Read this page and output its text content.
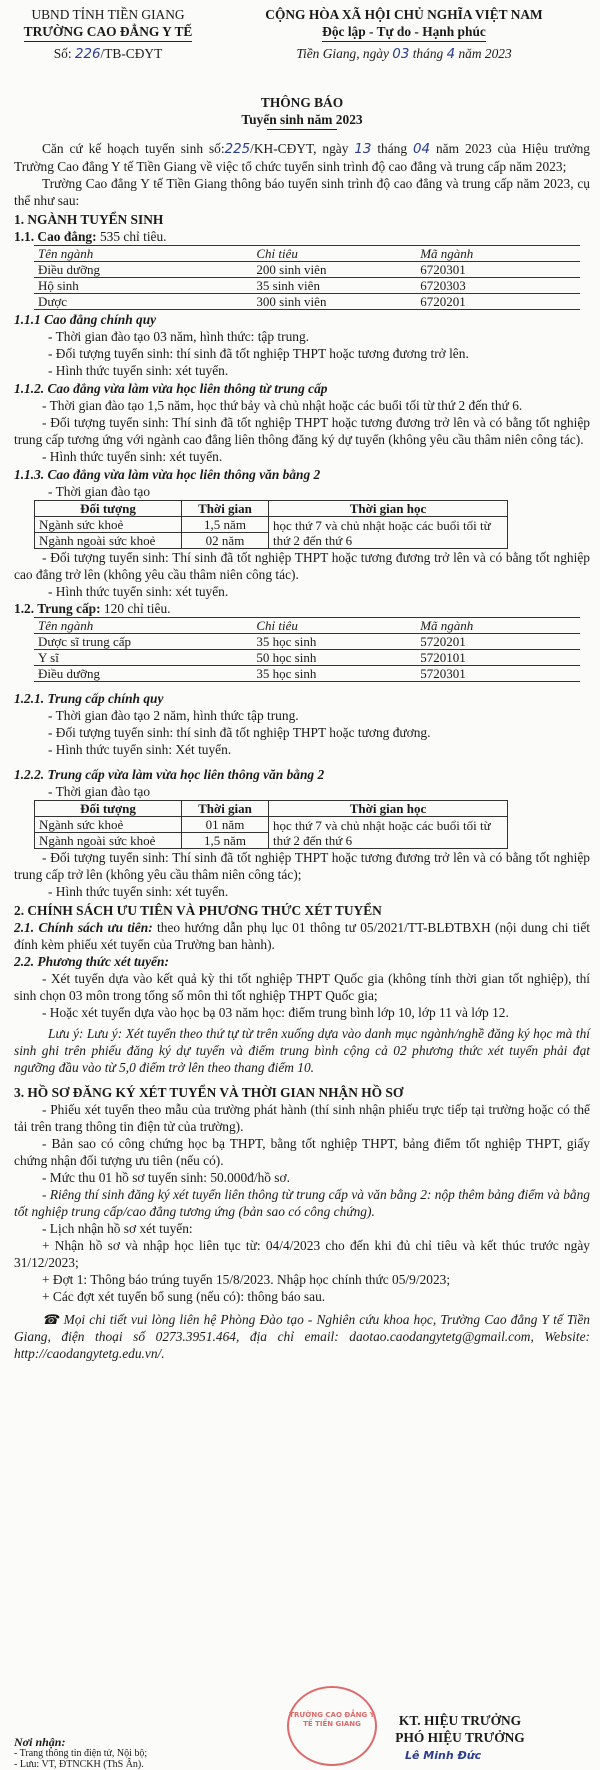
UBND TỈNH TIỀN GIANG
TRƯỜNG CAO ĐẲNG Y TẾ
Số: 226/TB-CĐYT
CỘNG HÒA XÃ HỘI CHỦ NGHĨA VIỆT NAM
Độc lập - Tự do - Hạnh phúc
Tiền Giang, ngày 03 tháng 4 năm 2023
THÔNG BÁO
Tuyển sinh năm 2023

Căn cứ kế hoạch tuyển sinh số:225/KH-CĐYT, ngày 13 tháng 04 năm 2023 của Hiệu trưởng Trường Cao đẳng Y tế Tiền Giang về việc tổ chức tuyển sinh trình độ cao đẳng và trung cấp năm 2023;

Trường Cao đẳng Y tế Tiền Giang thông báo tuyển sinh trình độ cao đẳng và trung cấp năm 2023, cụ thể như sau:

1. NGÀNH TUYỂN SINH

1.1. Cao đẳng: 535 chỉ tiêu.

Tên ngành	Chỉ tiêu	Mã ngành
Điều dưỡng	200 sinh viên	6720301
Hộ sinh	35 sinh viên	6720303
Dược	300 sinh viên	6720201
1.1.1 Cao đẳng chính quy

- Thời gian đào tạo 03 năm, hình thức: tập trung.

- Đối tượng tuyển sinh: thí sinh đã tốt nghiệp THPT hoặc tương đương trở lên.

- Hình thức tuyển sinh: xét tuyển.

1.1.2. Cao đẳng vừa làm vừa học liên thông từ trung cấp

- Thời gian đào tạo 1,5 năm, học thứ bảy và chủ nhật hoặc các buổi tối từ thứ 2 đến thứ 6.

- Đối tượng tuyển sinh: Thí sinh đã tốt nghiệp THPT hoặc tương đương trở lên và có bằng tốt nghiệp trung cấp tương ứng với ngành cao đẳng liên thông đăng ký dự tuyển (không yêu cầu thâm niên công tác).

- Hình thức tuyển sinh: xét tuyển.

1.1.3. Cao đẳng vừa làm vừa học liên thông văn bằng 2

- Thời gian đào tạo

Đối tượng	Thời gian	Thời gian học
Ngành sức khoẻ	1,5 năm	học thứ 7 và chủ nhật hoặc các buổi tối từ thứ 2 đến thứ 6
Ngành ngoài sức khoẻ	02 năm	

- Đối tượng tuyển sinh: Thí sinh đã tốt nghiệp THPT hoặc tương đương trở lên và có bằng tốt nghiệp cao đẳng trở lên (không yêu cầu thâm niên công tác).

- Hình thức tuyển sinh: xét tuyển.

1.2. Trung cấp: 120 chỉ tiêu.

Tên ngành	Chỉ tiêu	Mã ngành
Dược sĩ trung cấp	35 học sinh	5720201
Y sĩ	50 học sinh	5720101
Điều dưỡng	35 học sinh	5720301
1.2.1. Trung cấp chính quy

- Thời gian đào tạo 2 năm, hình thức tập trung.

- Đối tượng tuyển sinh: thí sinh đã tốt nghiệp THPT hoặc tương đương.

- Hình thức tuyển sinh: Xét tuyển.

1.2.2. Trung cấp vừa làm vừa học liên thông văn bằng 2

- Thời gian đào tạo

Đối tượng	Thời gian	Thời gian học
Ngành sức khoẻ	01 năm	học thứ 7 và chủ nhật hoặc các buổi tối từ thứ 2 đến thứ 6
Ngành ngoài sức khoẻ	1,5 năm	

- Đối tượng tuyển sinh: Thí sinh đã tốt nghiệp THPT hoặc tương đương trở lên và có bằng tốt nghiệp trung cấp trở lên (không yêu cầu thâm niên công tác);

- Hình thức tuyển sinh: xét tuyển.

2. CHÍNH SÁCH ƯU TIÊN VÀ PHƯƠNG THỨC XÉT TUYỂN

2.1. Chính sách ưu tiên: theo hướng dẫn phụ lục 01 thông tư 05/2021/TT-BLĐTBXH (nội dung chi tiết đính kèm phiếu xét tuyển của Trường ban hành).

2.2. Phương thức xét tuyển:

- Xét tuyển dựa vào kết quả kỳ thi tốt nghiệp THPT Quốc gia (không tính thời gian tốt nghiệp), thí sinh chọn 03 môn trong tổng số môn thi tốt nghiệp THPT Quốc gia;

- Hoặc xét tuyển dựa vào học bạ 03 năm học: điểm trung bình lớp 10, lớp 11 và lớp 12.

Lưu ý: Lưu ý: Xét tuyển theo thứ tự từ trên xuống dựa vào danh mục ngành/nghề đăng ký học mà thí sinh ghi trên phiếu đăng ký dự tuyển và điểm trung bình cộng cả 02 phương thức xét tuyển phải đạt ngưỡng đầu vào từ 5,0 điểm trở lên theo thang điểm 10.

3. HỒ SƠ ĐĂNG KÝ XÉT TUYỂN VÀ THỜI GIAN NHẬN HỒ SƠ

- Phiếu xét tuyển theo mẫu của trường phát hành (thí sinh nhận phiếu trực tiếp tại trường hoặc có thể tải trên trang thông tin điện tử của trường).

- Bản sao có công chứng học bạ THPT, bằng tốt nghiệp THPT, bảng điểm tốt nghiệp THPT, giấy chứng nhận đối tượng ưu tiên (nếu có).

- Mức thu 01 hồ sơ tuyển sinh: 50.000đ/hồ sơ.

- Riêng thí sinh đăng ký xét tuyển liên thông từ trung cấp và văn bằng 2: nộp thêm bảng điểm và bằng tốt nghiệp trung cấp/cao đẳng tương ứng (bản sao có công chứng).

- Lịch nhận hồ sơ xét tuyển:

+ Nhận hồ sơ và nhập học liên tục từ: 04/4/2023 cho đến khi đủ chỉ tiêu và kết thúc trước ngày 31/12/2023;

+ Đợt 1: Thông báo trúng tuyển 15/8/2023. Nhập học chính thức 05/9/2023;

+ Các đợt xét tuyển bổ sung (nếu có): thông báo sau.

☎ Mọi chi tiết vui lòng liên hệ Phòng Đào tạo - Nghiên cứu khoa học, Trường Cao đẳng Y tế Tiền Giang, điện thoại số 0273.3951.464, địa chỉ email: daotao.caodangytetg@gmail.com, Website: http://caodangytetg.edu.vn/.

KT. HIỆU TRƯỞNG
PHÓ HIỆU TRƯỞNG
TRƯỜNG CAO ĐẲNG Y TẾ TIỀN GIANG
Lê Minh Đức
Nơi nhận:
- Trang thông tin điện tử, Nội bộ;
- Lưu: VT, ĐTNCKH (ThS Ân).
